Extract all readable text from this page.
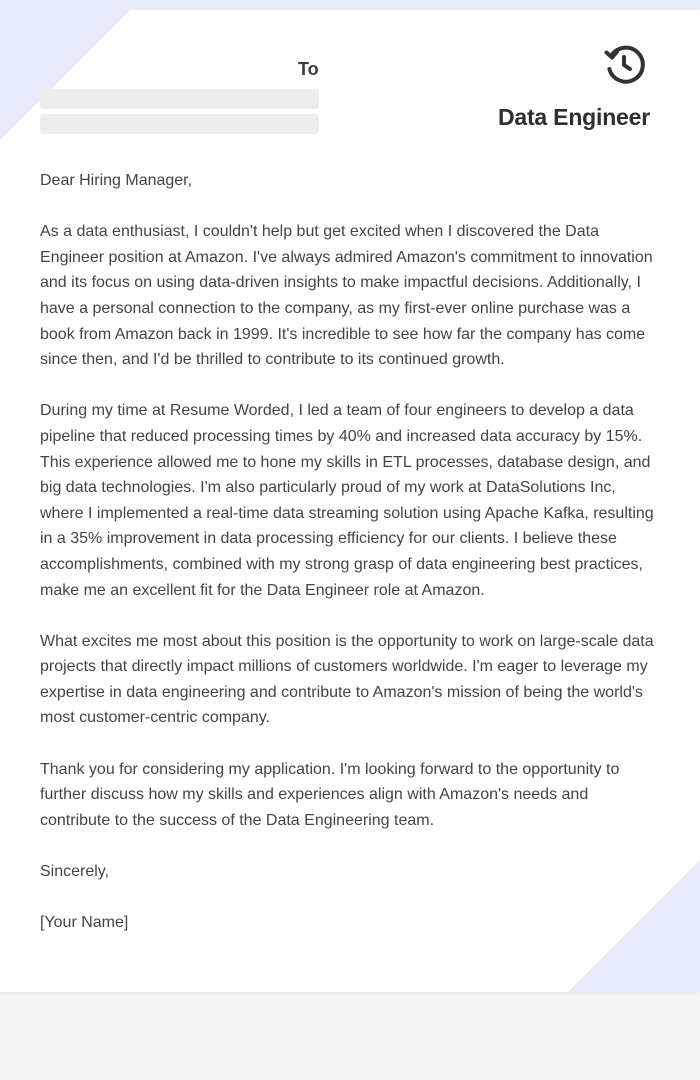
To
Data Engineer

Dear Hiring Manager,

As a data enthusiast, I couldn't help but get excited when I discovered the Data Engineer position at Amazon. I've always admired Amazon's commitment to innovation and its focus on using data-driven insights to make impactful decisions. Additionally, I have a personal connection to the company, as my first-ever online purchase was a book from Amazon back in 1999. It's incredible to see how far the company has come since then, and I'd be thrilled to contribute to its continued growth.

During my time at Resume Worded, I led a team of four engineers to develop a data pipeline that reduced processing times by 40% and increased data accuracy by 15%. This experience allowed me to hone my skills in ETL processes, database design, and big data technologies. I'm also particularly proud of my work at DataSolutions Inc, where I implemented a real-time data streaming solution using Apache Kafka, resulting in a 35% improvement in data processing efficiency for our clients. I believe these accomplishments, combined with my strong grasp of data engineering best practices, make me an excellent fit for the Data Engineer role at Amazon.

What excites me most about this position is the opportunity to work on large-scale data projects that directly impact millions of customers worldwide. I'm eager to leverage my expertise in data engineering and contribute to Amazon's mission of being the world's most customer-centric company.

Thank you for considering my application. I'm looking forward to the opportunity to further discuss how my skills and experiences align with Amazon's needs and contribute to the success of the Data Engineering team.

Sincerely,

[Your Name]
